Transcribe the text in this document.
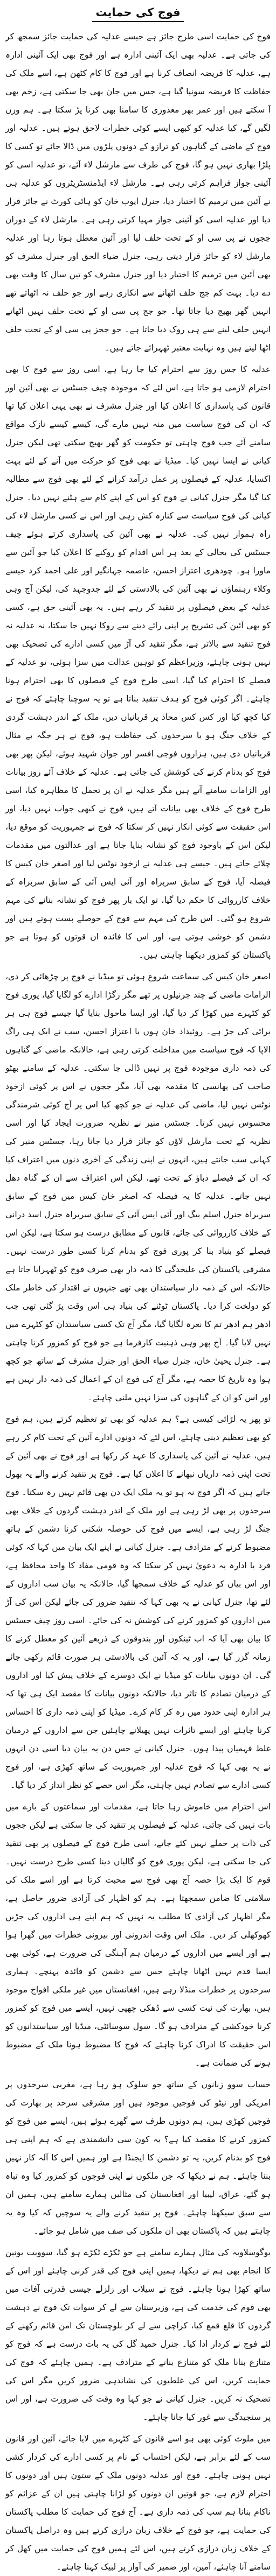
فوج کی حمایت

فوج کی حمایت اسی طرح جائز ہے جیسے عدلیہ کی حمایت جائز سمجھ کر کی جاتی ہے۔ عدلیہ بھی ایک آئینی ادارہ ہے اور فوج بھی ایک آئینی ادارہ ہے، عدلیہ کا فریضہ انصاف کرنا ہے اور فوج کا کام کٹھن ہے، اسے ملک کی حفاظت کا فریضہ سونپا گیا ہے، جس میں جان بھی جا سکتی ہے، زخم بھی آ سکتے ہیں اور عمر بھر معذوری کا سامنا بھی کرنا پڑ سکتا ہے۔ ہم وزن لگیں گے، کیا عدلیہ کو کبھی ایسے کوئی خطرات لاحق ہوتے ہیں۔ عدلیہ اور فوج کے ماضی کے گناہوں کو ترازو کے دونوں پلڑوں میں ڈالا جائے تو کسی کا پلڑا بھاری نہیں ہو گا، فوج کی طرف سے مارشل لاء آئے، تو عدلیہ اسی کو آئینی جواز فراہم کرتی رہی ہے۔ مارشل لاء ایڈمنسٹریٹروں کو عدلیہ ہی نے آئین میں ترمیم کا اختیار دیا، جنرل ایوب خان کو ہائی کورٹ نے جائز قرار دیا اور عدلیہ اسی کو آئینی جواز مہیا کرتی رہی ہے۔ مارشل لاء کے دوران ججوں نے پی سی او کے تحت حلف لیا اور آئین معطل ہوتا رہا اور عدلیہ مارشل لاء کو جائز قرار دیتی رہی، جنرل ضیاء الحق اور جنرل مشرف کو بھی آئین میں ترمیم کا اختیار دیا اور جنرل مشرف کو تین سال کا وقت بھی دے دیا۔ بہت کم جج حلف اٹھانے سے انکاری رہے اور جو حلف نہ اٹھاتے تھے انہیں گھر بھیج دیا جاتا تھا۔ جو جج پی سی او کے تحت حلف نہیں اٹھاتے انہیں حلف لینے سے ہی روک دیا جاتا ہے۔ جو ججز پی سی او کے تحت حلف اٹھا لیتے ہیں وہ نہایت معتبر ٹھہرائے جاتے ہیں۔

عدلیہ کا جس روز سے احترام کیا جا رہا ہے، اسی روز سے فوج کا بھی احترام لازمی ہو جاتا ہے، اس لئے کہ موجودہ چیف جسٹس نے بھی آئین اور قانون کی پاسداری کا اعلان کیا اور جنرل مشرف نے بھی یہی اعلان کیا تھا کہ ان کی فوج سیاست میں منہ نہیں مارے گی، کیسے کیسے نازک مواقع سامنے آئے جب فوج چاہتی تو حکومت کو گھر بھیج سکتی تھی لیکن جنرل کیانی نے ایسا نہیں کیا۔ میڈیا نے بھی فوج کو حرکت میں آنے کے لئے بہت اکسایا، عدلیہ کے فیصلوں پر عمل درآمد کرانے کے لئے بھی فوج سے مطالبہ کیا گیا مگر جنرل کیانی نے فوج کو اس کے اپنے کام سے ہٹنے نہیں دیا۔ جنرل کیانی کی فوج سیاست سے کنارہ کش رہی اور اس نے کسی مارشل لاء کی راہ ہموار نہیں کی۔ عدلیہ نے بھی آئین کی پاسداری کرتے ہوئے چیف جسٹس کی بحالی کے بعد ہر اس اقدام کو روکنے کا اعلان کیا جو آئین سے ماورا ہو۔ چودھری اعتزاز احسن، عاصمہ جہانگیر اور علی احمد کرد جیسے وکلاء رہنماؤں نے بھی آئین کی بالادستی کے لئے جدوجہد کی، لیکن آج وہی عدلیہ کے بعض فیصلوں پر تنقید کر رہے ہیں۔ یہ بھی آئینی حق ہے، کسی کو بھی آئین کی تشریح پر اپنی رائے دینے سے روکا نہیں جا سکتا، نہ عدلیہ نہ فوج تنقید سے بالاتر ہے، مگر تنقید کی آڑ میں کسی ادارے کی تضحیک بھی نہیں ہونی چاہئے، وزیراعظم کو توہین عدالت میں سزا ہوئی، تو عدلیہ کے فیصلے کا احترام کیا گیا، اسی طرح فوج کے فیصلوں کا بھی احترام ہونا چاہئے۔ اگر کوئی فوج کو ہدف تنقید بناتا ہے تو یہ سوچنا چاہئے کہ فوج نے کیا کچھ کیا اور کس کس محاذ پر قربانیاں دیں، ملک کے اندر دہشت گردی کے خلاف جنگ ہو یا سرحدوں کی حفاظت ہو، فوج نے ہر جگہ بے مثال قربانیاں دی ہیں، ہزاروں فوجی افسر اور جوان شہید ہوئے، لیکن پھر بھی فوج کو بدنام کرنے کی کوشش کی جاتی ہے۔ عدلیہ کے خلاف آئے روز بیانات اور الزامات سامنے آتے ہیں مگر عدلیہ نے ان پر تحمل کا مظاہرہ کیا، اسی طرح فوج کے خلاف بھی بیانات آتے ہیں، فوج نے کبھی جواب نہیں دیا، اور اس حقیقت سے کوئی انکار نہیں کر سکتا کہ فوج نے جمہوریت کو موقع دیا، لیکن اس کے باوجود فوج کو نشانہ بنایا جاتا ہے اور عدالتوں میں مقدمات چلائے جاتے ہیں۔ جیسے ہی عدلیہ نے ازخود نوٹس لیا اور اصغر خان کیس کا فیصلہ آیا، فوج کے سابق سربراہ اور آئی ایس آئی کے سابق سربراہ کے خلاف کارروائی کا حکم دیا گیا، تو ایک بار پھر فوج کو نشانہ بنانے کی مہم شروع ہو گئی۔ اس طرح کی مہم سے فوج کے حوصلے پست ہوتے ہیں اور دشمن کو خوشی ہوتی ہے، اور اس کا فائدہ ان قوتوں کو ہوتا ہے جو پاکستان کو کمزور دیکھنا چاہتی ہیں۔

اصغر خان کیس کی سماعت شروع ہوئی تو میڈیا نے فوج پر چڑھائی کر دی، الزامات ماضی کے چند جرنیلوں پر تھے مگر رگڑا ادارے کو لگایا گیا، پوری فوج کو کٹہرے میں کھڑا کر دیا گیا، اور ایسا ماحول بنایا گیا جیسے فوج ہی ہر برائی کی جڑ ہے۔ روئیداد خان ہوں یا اعتزاز احسن، سب نے ایک ہی راگ الاپا کہ فوج سیاست میں مداخلت کرتی رہی ہے، حالانکہ ماضی کے گناہوں کی ذمہ داری موجودہ فوج پر نہیں ڈالی جا سکتی۔ عدلیہ کے سامنے بھٹو صاحب کی پھانسی کا مقدمہ بھی آیا، مگر ججوں نے اس پر کوئی ازخود نوٹس نہیں لیا، ماضی کی عدلیہ نے جو کچھ کیا اس پر آج کوئی شرمندگی محسوس نہیں کرتا۔ جسٹس منیر نے نظریہ ضرورت ایجاد کیا اور اسی نظریہ کے تحت مارشل لاؤں کو جائز قرار دیا جاتا رہا، جسٹس منیر کی کہانی سب جانتے ہیں، انہوں نے اپنی زندگی کے آخری دنوں میں اعتراف کیا کہ ان کے فیصلے دباؤ کے تحت تھے، لیکن اس اعتراف سے ان کے گناہ دھل نہیں جاتے۔ عدلیہ کا یہ فیصلہ کہ اصغر خان کیس میں فوج کے سابق سربراہ جنرل اسلم بیگ اور آئی ایس آئی کے سابق سربراہ جنرل اسد درانی کے خلاف کارروائی کی جائے، قانون کے مطابق درست ہو سکتا ہے، لیکن اس فیصلے کو بنیاد بنا کر پوری فوج کو بدنام کرنا کسی طور درست نہیں۔ مشرقی پاکستان کی علیحدگی کا ذمہ دار بھی صرف فوج کو ٹھہرایا جاتا ہے حالانکہ اس کے ذمہ دار سیاستدان بھی تھے جنہوں نے اقتدار کی خاطر ملک کو دولخت کرا دیا۔ پاکستان ٹوٹنے کی بنیاد ہی اس وقت پڑ گئی تھی جب ادھر ہم ادھر تم کا نعرہ لگایا گیا، مگر آج تک کسی سیاستدان کو کٹہرے میں نہیں لایا گیا۔ آج پھر وہی ذہنیت کارفرما ہے جو فوج کو کمزور کرنا چاہتی ہے۔ جنرل یحییٰ خان، جنرل ضیاء الحق اور جنرل مشرف کے ساتھ جو کچھ ہوا وہ تاریخ کا حصہ ہے، مگر آج کی فوج ان کے اعمال کی ذمہ دار نہیں ہے اور اس کو ان کے گناہوں کی سزا نہیں ملنی چاہئے۔

تو پھر یہ لڑائی کیسی ہے؟ ہم عدلیہ کو بھی تو تعظیم کرتے ہیں، ہم فوج کو بھی تعظیم دینی چاہئے، اس لئے کہ دونوں ادارے آئین کے تحت کام کر رہے ہیں، عدلیہ نے آئین کی پاسداری کا عہد کر رکھا ہے اور فوج نے بھی آئین کے تحت اپنی ذمہ داریاں نبھانے کا اعلان کیا ہے۔ فوج پر تنقید کرنے والے یہ بھول جاتے ہیں کہ اگر فوج نہ ہو تو یہ ملک ایک دن بھی قائم نہیں رہ سکتا۔ فوج سرحدوں پر بھی لڑ رہی ہے اور ملک کے اندر دہشت گردوں کے خلاف بھی جنگ لڑ رہی ہے، ایسے میں فوج کی حوصلہ شکنی کرنا دشمن کے ہاتھ مضبوط کرنے کے مترادف ہے۔ جنرل کیانی نے اپنے ایک بیان میں کہا کہ کوئی فرد یا ادارہ یہ دعویٰ نہیں کر سکتا کہ وہ قومی مفاد کا واحد محافظ ہے، اور اس بیان کو عدلیہ کے خلاف سمجھا گیا، حالانکہ یہ بیان سب اداروں کے لئے تھا، جنرل کیانی نے یہ بھی کہا کہ تنقید ضرور کی جائے لیکن اس کی آڑ میں اداروں کو کمزور کرنے کی کوشش نہ کی جائے۔ اسی روز چیف جسٹس کا بیان بھی آیا کہ اب ٹینکوں اور بندوقوں کے ذریعے آئین کو معطل کرنے کا زمانہ گزر گیا ہے، اور یہ کہ آئین کی بالادستی ہر صورت قائم رکھی جائے گی۔ ان دونوں بیانات کو میڈیا نے ایک دوسرے کے خلاف پیش کیا اور اداروں کے درمیان تصادم کا تاثر دیا، حالانکہ دونوں بیانات کا مقصد ایک ہی تھا کہ ہر ادارہ اپنی حدود میں رہ کر کام کرے۔ میڈیا کو اپنی ذمہ داری کا احساس کرنا چاہئے اور ایسے تاثرات نہیں پھیلانے چاہئیں جن سے اداروں کے درمیان غلط فہمیاں پیدا ہوں۔ جنرل کیانی نے جس دن یہ بیان دیا اسی دن انہوں نے یہ بھی کہا کہ فوج عدلیہ اور جمہوریت کے ساتھ کھڑی ہے، اور فوج کسی ادارے سے تصادم نہیں چاہتی، مگر اس حصے کو نظر انداز کر دیا گیا۔

اس احترام میں خاموش رہا جاتا ہے، مقدمات اور سماعتوں کے بارے میں بات نہیں کی جاتی، عدلیہ کے فیصلوں پر تنقید کی جا سکتی ہے لیکن ججوں کی ذات پر حملے نہیں کئے جاتے، اسی طرح فوج کے فیصلوں پر بھی تنقید کی جا سکتی ہے، لیکن پوری فوج کو گالیاں دینا کسی طرح درست نہیں۔ قوم کا ایک بڑا حصہ آج بھی فوج سے محبت کرتا ہے اور اسے ملک کی سلامتی کا ضامن سمجھتا ہے۔ ہم کو اظہار کی آزادی ضرور حاصل ہے، مگر اظہار کی آزادی کا مطلب یہ نہیں کہ ہم اپنے ہی اداروں کی جڑیں کھوکھلی کر دیں۔ ملک اس وقت اندرونی اور بیرونی خطرات میں گھرا ہوا ہے اور ایسے میں اداروں کے درمیان ہم آہنگی کی ضرورت ہے، کوئی بھی ایسا قدم نہیں اٹھانا چاہئے جس سے دشمن کو فائدہ پہنچے۔ ہماری سرحدوں پر خطرات منڈلا رہے ہیں، افغانستان میں غیر ملکی افواج موجود ہیں، بھارت کی نیت کسی سے ڈھکی چھپی نہیں، ایسے میں فوج کو کمزور کرنا خودکشی کے مترادف ہو گا۔ سول سوسائٹی، میڈیا اور سیاستدانوں کو اس حقیقت کا ادراک کرنا چاہئے کہ فوج کا مضبوط ہونا ملک کے مضبوط ہونے کی ضمانت ہے۔

حساب سوو زبانوں کے ساتھ جو سلوک ہو رہا ہے، مغربی سرحدوں پر امریکی اور نیٹو کی فوجیں موجود ہیں اور مشرقی سرحد پر بھارت کی فوجیں کھڑی ہیں، ہم دونوں طرف سے گھرے ہوئے ہیں، ایسے میں فوج کو کمزور کرنے کا مقصد کیا ہے؟ یہ کون سی دانشمندی ہے کہ ہم اپنی ہی فوج کو بدنام کریں، یہ تو دشمن کا ایجنڈا ہے اور ہمیں اس کا آلہ کار نہیں بننا چاہئے۔ ہم نے دیکھا کہ جن ملکوں نے اپنی فوجوں کو کمزور کیا وہ تباہ ہو گئے، عراق، لیبیا اور افغانستان کی مثالیں ہمارے سامنے ہیں، ہمیں ان سے سبق سیکھنا چاہئے۔ فوج پر تنقید کرنے والے یہ سوچیں کہ کیا وہ یہ چاہتے ہیں کہ پاکستان بھی ان ملکوں کی صف میں شامل ہو جائے۔

یوگوسلاویہ کی مثال ہمارے سامنے ہے جو ٹکڑے ٹکڑے ہو گیا، سوویت یونین کا انجام بھی ہم نے دیکھا، ہمیں اپنی فوج کی قدر کرنی چاہئے اور اس کے ساتھ کھڑا ہونا چاہئے۔ فوج نے سیلاب اور زلزلے جیسی قدرتی آفات میں بھی قوم کی خدمت کی ہے، وزیرستان سے لے کر سوات تک فوج نے دہشت گردوں کا قلع قمع کیا، کراچی سے لے کر بلوچستان تک امن قائم رکھنے کے لئے فوج نے کردار ادا کیا۔ جنرل حمید گل کی یہ بات درست ہے کہ فوج کو متنازع بنانا ملک کو متنازع بنانے کے مترادف ہے۔ ہمیں چاہئے کہ فوج کی حمایت کریں، اس کی غلطیوں کی نشاندہی ضرور کریں مگر اس کی تضحیک نہ کریں۔ جنرل کیانی نے جو کہا وہ وقت کی ضرورت ہے، اور اس پر سنجیدگی سے غور کیا جانا چاہئے۔

میں ملوث کوئی بھی ہو اسے قانون کے کٹہرے میں لایا جائے، آئین اور قانون سب کے لئے برابر ہے، لیکن احتساب کے نام پر کسی ادارے کی کردار کشی نہیں ہونی چاہئے۔ فوج اور عدلیہ دونوں ملک کے ستون ہیں اور دونوں کا احترام لازم ہے، جو قوتیں ان دونوں کو لڑانا چاہتی ہیں ان کے عزائم کو ناکام بنانا ہم سب کی ذمہ داری ہے۔ آج فوج کی حمایت کا مطلب پاکستان کی حمایت ہے، جو فوج کے خلاف زبان درازی کرتے ہیں وہ دراصل پاکستان کے خلاف زبان درازی کرتے ہیں، اس لئے ہمیں فوج کی حمایت میں کھل کر سامنے آنا چاہئے، آمین، اور ضمیر کی آواز پر لبیک کہنا چاہئے۔
